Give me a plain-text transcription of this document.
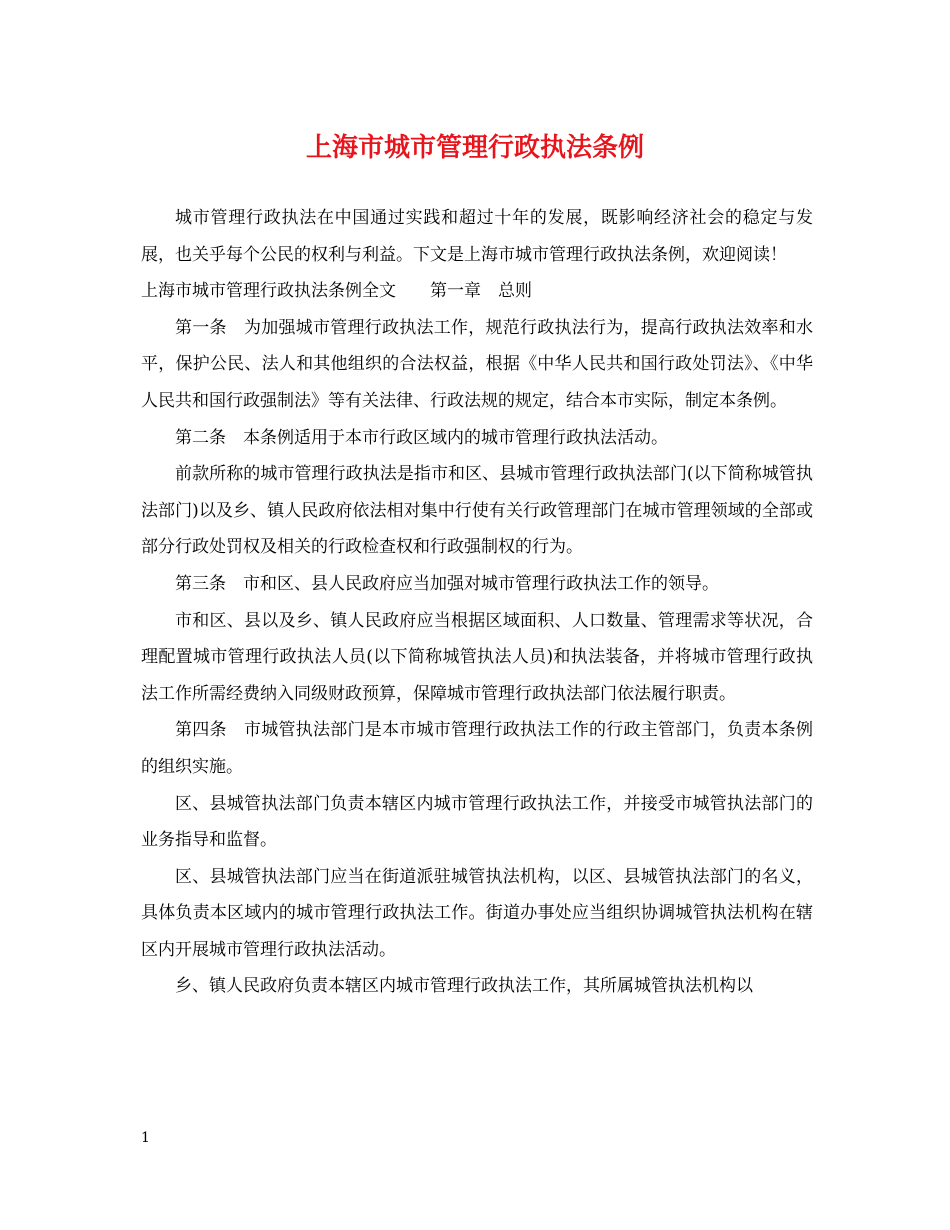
上海市城市管理行政执法条例

城市管理行政执法在中国通过实践和超过十年的发展，既影响经济社会的稳定与发展，也关乎每个公民的权利与利益。下文是上海市城市管理行政执法条例，欢迎阅读！

上海市城市管理行政执法条例全文　　第一章　总则

第一条　为加强城市管理行政执法工作，规范行政执法行为，提高行政执法效率和水平，保护公民、法人和其他组织的合法权益，根据《中华人民共和国行政处罚法》、《中华人民共和国行政强制法》等有关法律、行政法规的规定，结合本市实际，制定本条例。

第二条　本条例适用于本市行政区域内的城市管理行政执法活动。

前款所称的城市管理行政执法是指市和区、县城市管理行政执法部门(以下简称城管执法部门)以及乡、镇人民政府依法相对集中行使有关行政管理部门在城市管理领域的全部或部分行政处罚权及相关的行政检查权和行政强制权的行为。

第三条　市和区、县人民政府应当加强对城市管理行政执法工作的领导。

市和区、县以及乡、镇人民政府应当根据区域面积、人口数量、管理需求等状况，合理配置城市管理行政执法人员(以下简称城管执法人员)和执法装备，并将城市管理行政执法工作所需经费纳入同级财政预算，保障城市管理行政执法部门依法履行职责。

第四条　市城管执法部门是本市城市管理行政执法工作的行政主管部门，负责本条例的组织实施。

区、县城管执法部门负责本辖区内城市管理行政执法工作，并接受市城管执法部门的业务指导和监督。

区、县城管执法部门应当在街道派驻城管执法机构，以区、县城管执法部门的名义，具体负责本区域内的城市管理行政执法工作。街道办事处应当组织协调城管执法机构在辖区内开展城市管理行政执法活动。

乡、镇人民政府负责本辖区内城市管理行政执法工作，其所属城管执法机构以

1
